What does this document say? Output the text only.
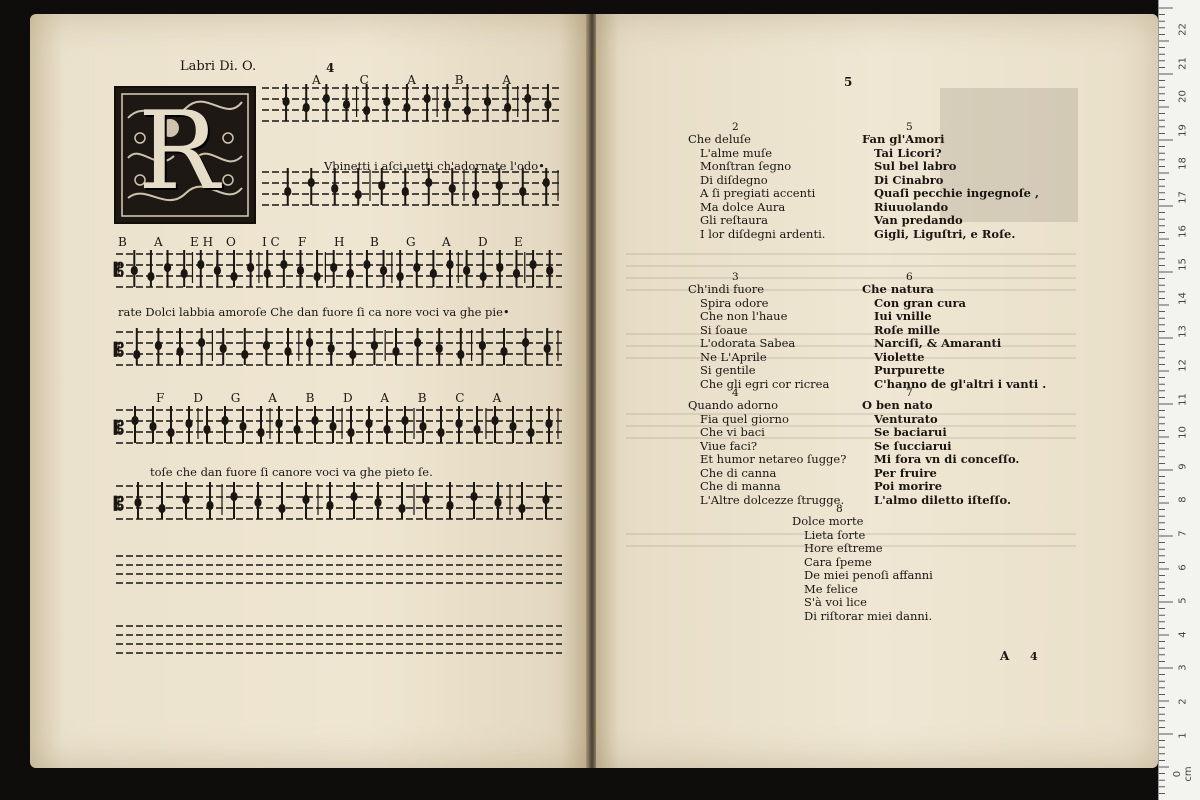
Labri Di. O.	4
R
𝄡
𝄡
𝄡
𝄡
A	C	A	B	A
Vbinetti i aſci uetti ch'adornate l'odo•
B A E H O I C F H B G A D E
rate Dolci labbia amoroſe Che dan fuore ſi ca nore voci va ghe pie•
F D G A B D A B C A
toſe che dan fuore ſi canore voci va ghe pieto ſe.
5
2
Che deluſe
L'alme muſe
Monſtran ſegno
Di diſdegno
A ſi pregiati accenti
Ma dolce Aura
Gli reſtaura
I lor diſdegni ardenti.
5
Fan gl'Amori
Tai Licori?
Sul bel labro
Di Cinabro
Quaſi pecchie ingegnoſe ,
Riuuolando
Van predando
Gigli, Liguſtri, e Roſe.
3
Ch'indi fuore
Spira odore
Che non l'haue
Si ſoaue
L'odorata Sabea
Ne L'Aprile
Si gentile
Che gli egri cor ricrea
6
Che natura
Con gran cura
Iui vnille
Roſe mille
Narciſi, & Amaranti
Violette
Purpurette
C'hanno de gl'altri i vanti .
4
Quando adorno
Fia quel giorno
Che vi baci
Viue faci?
Et humor netareo ſugge?
Che di canna
Che di manna
L'Altre dolcezze ſtrugge.
7
O ben nato
Venturato
Se baciarui
Se ſucciarui
Mi fora vn di conceſſo.
Per fruire
Poi morire
L'almo diletto iſteſſo.
8
Dolce morte
Lieta ſorte
Hore eſtreme
Cara ſpeme
De miei penoſi affanni
Me felice
S'à voi lice
Di riſtorar miei danni.
A 4
22
21
20
19
18
17
16
15
14
13
12
11
10
9
8
7
6
5
4
3
2
1
0 cm
